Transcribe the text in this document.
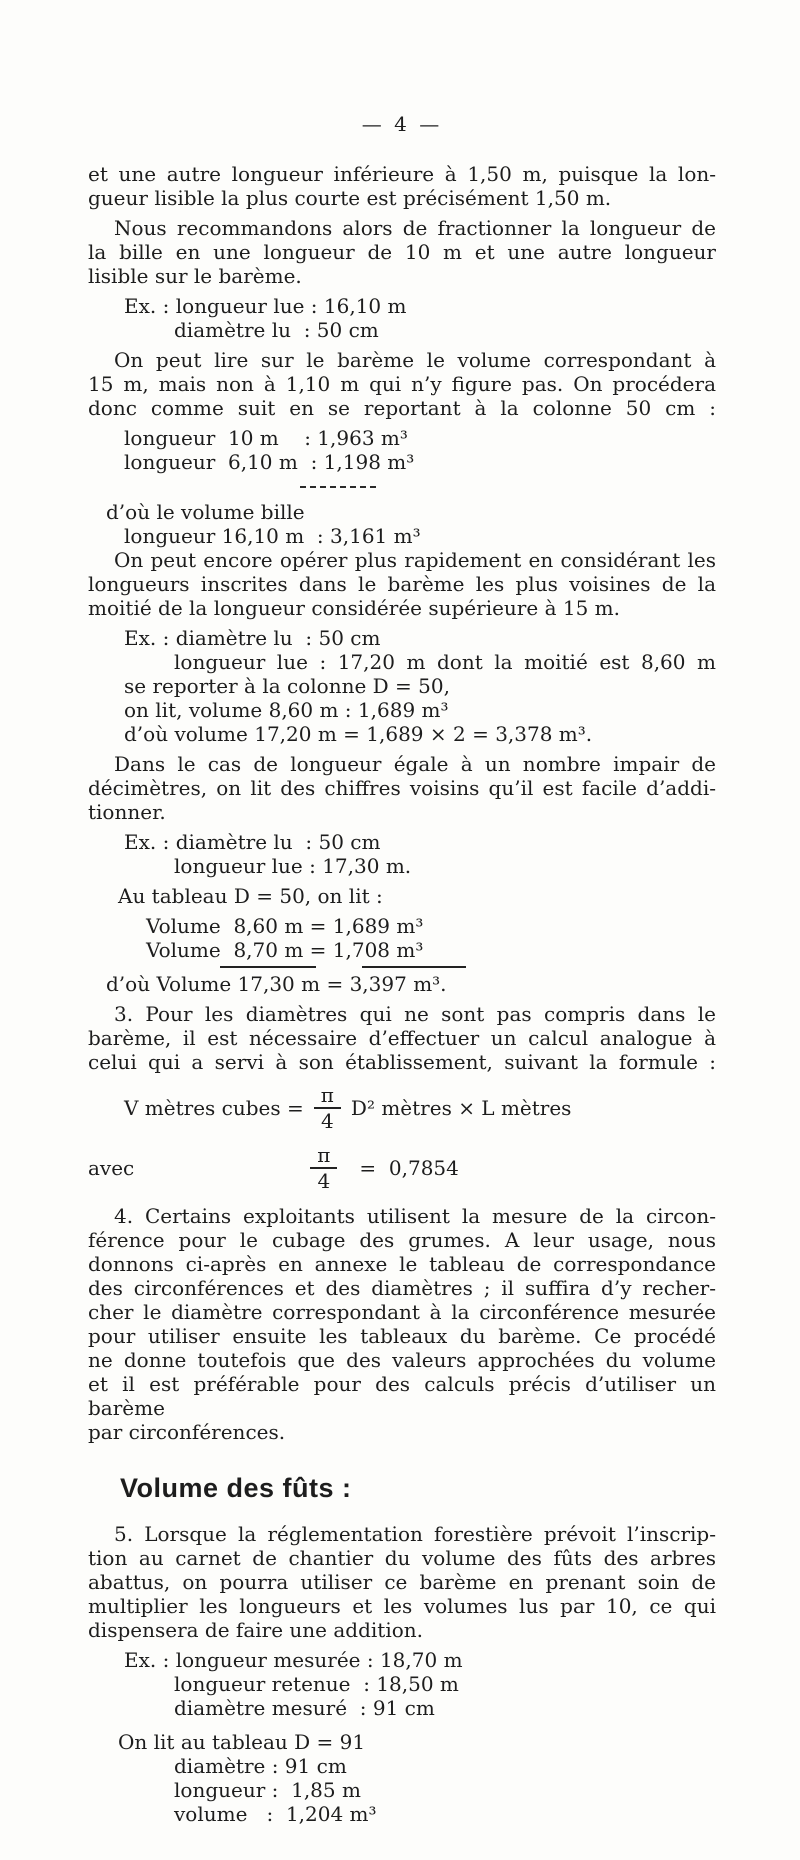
— 4 —
et une autre longueur inférieure à 1,50 m, puisque la lon-
gueur lisible la plus courte est précisément 1,50 m.
Nous recommandons alors de fractionner la longueur de
la bille en une longueur de 10 m et une autre longueur
lisible sur le barème.
Ex. : longueur lue : 16,10 m
diamètre lu  : 50 cm
On peut lire sur le barème le volume correspondant à
15 m, mais non à 1,10 m qui n’y figure pas. On procédera
donc comme suit en se reportant à la colonne 50 cm :
longueur  10 m    : 1,963 m³
longueur  6,10 m  : 1,198 m³
d’où le volume bille
longueur 16,10 m  : 3,161 m³
On peut encore opérer plus rapidement en considérant les
longueurs inscrites dans le barème les plus voisines de la
moitié de la longueur considérée supérieure à 15 m.
Ex. : diamètre lu  : 50 cm
longueur lue : 17,20 m dont la moitié est 8,60 m
se reporter à la colonne D = 50,
on lit, volume 8,60 m : 1,689 m³
d’où volume 17,20 m = 1,689 × 2 = 3,378 m³.
Dans le cas de longueur égale à un nombre impair de
décimètres, on lit des chiffres voisins qu’il est facile d’addi-
tionner.
Ex. : diamètre lu  : 50 cm
longueur lue : 17,30 m.
Au tableau D = 50, on lit :
Volume  8,60 m = 1,689 m³
Volume  8,70 m = 1,708 m³
d’où Volume 17,30 m = 3,397 m³.
3. Pour les diamètres qui ne sont pas compris dans le
barème, il est nécessaire d’effectuer un calcul analogue à
celui qui a servi à son établissement, suivant la formule :
V mètres cubes = $\frac{\pi}{4} D^2$ mètres × L mètres
avec	$\frac{\pi}{4} = 0,7854$
4. Certains exploitants utilisent la mesure de la circon-
férence pour le cubage des grumes. A leur usage, nous
donnons ci-après en annexe le tableau de correspondance
des circonférences et des diamètres ; il suffira d’y recher-
cher le diamètre correspondant à la circonférence mesurée
pour utiliser ensuite les tableaux du barème. Ce procédé
ne donne toutefois que des valeurs approchées du volume
et il est préférable pour des calculs précis d’utiliser un barème
par circonférences.
Volume des fûts :
5. Lorsque la réglementation forestière prévoit l’inscrip-
tion au carnet de chantier du volume des fûts des arbres
abattus, on pourra utiliser ce barème en prenant soin de
multiplier les longueurs et les volumes lus par 10, ce qui
dispensera de faire une addition.
Ex. : longueur mesurée : 18,70 m
longueur retenue  : 18,50 m
diamètre mesuré  : 91 cm
On lit au tableau D = 91
diamètre : 91 cm
longueur :  1,85 m
volume   :  1,204 m³
